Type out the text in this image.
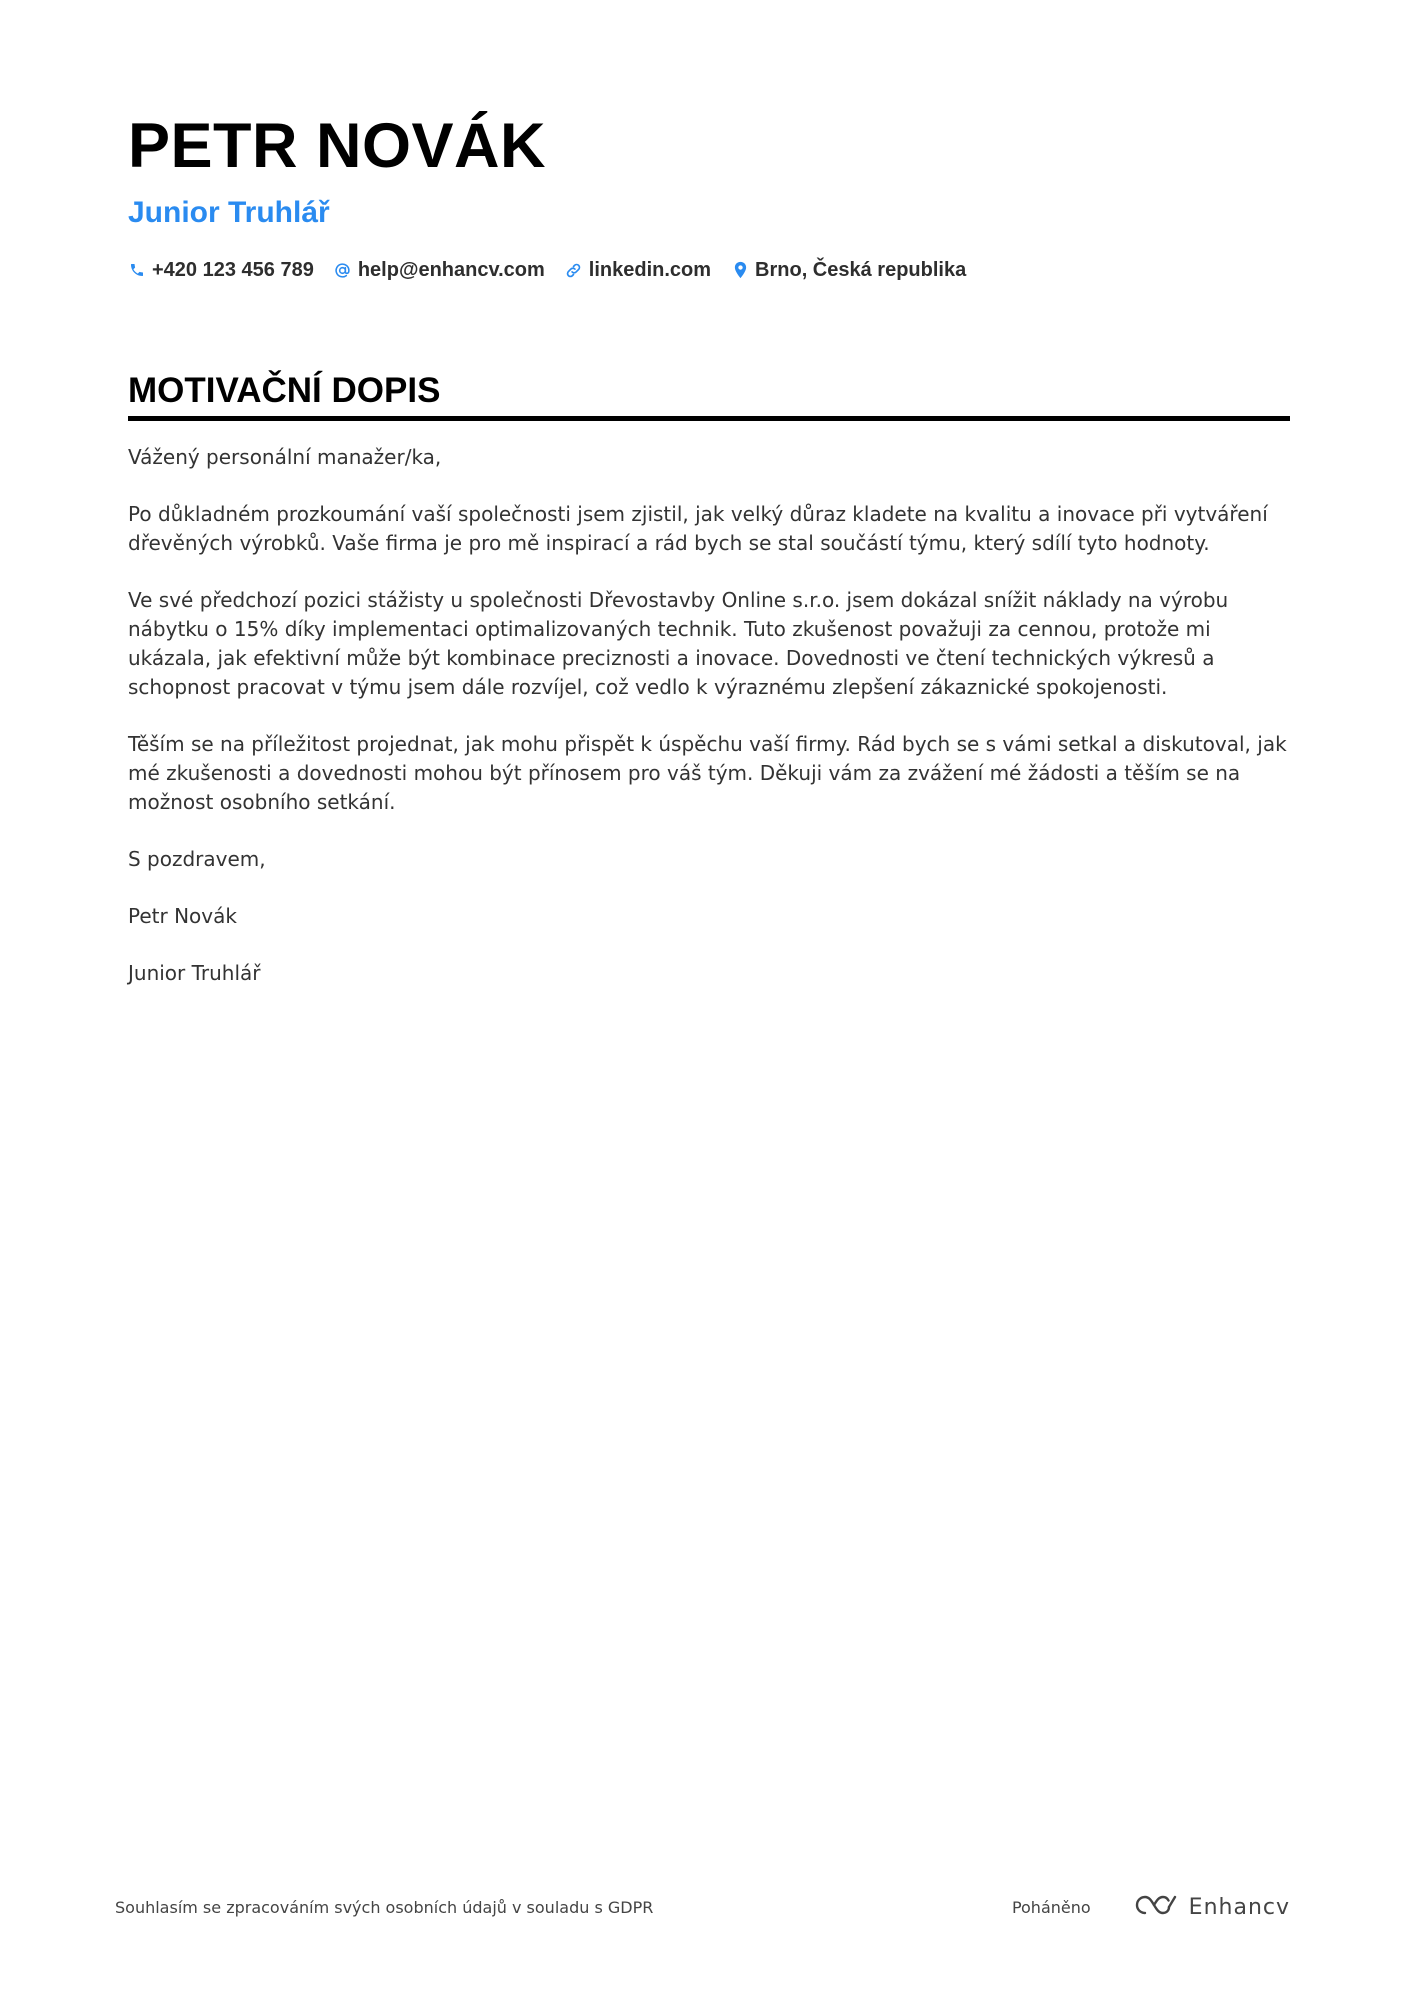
PETR NOVÁK
Junior Truhlář
+420 123 456 789 help@enhancv.com linkedin.com Brno, Česká republika
MOTIVAČNÍ DOPIS

Vážený personální manažer/ka,

Po důkladném prozkoumání vaší společnosti jsem zjistil, jak velký důraz kladete na kvalitu a inovace při vytváření dřevěných výrobků. Vaše firma je pro mě inspirací a rád bych se stal součástí týmu, který sdílí tyto hodnoty.

Ve své předchozí pozici stážisty u společnosti Dřevostavby Online s.r.o. jsem dokázal snížit náklady na výrobu nábytku o 15% díky implementaci optimalizovaných technik. Tuto zkušenost považuji za cennou, protože mi ukázala, jak efektivní může být kombinace preciznosti a inovace. Dovednosti ve čtení technických výkresů a schopnost pracovat v týmu jsem dále rozvíjel, což vedlo k výraznému zlepšení zákaznické spokojenosti.

Těším se na příležitost projednat, jak mohu přispět k úspěchu vaší firmy. Rád bych se s vámi setkal a diskutoval, jak mé zkušenosti a dovednosti mohou být přínosem pro váš tým. Děkuji vám za zvážení mé žádosti a těším se na možnost osobního setkání.

S pozdravem,

Petr Novák

Junior Truhlář

Souhlasím se zpracováním svých osobních údajů v souladu s GDPR	Poháněno	Enhancv
